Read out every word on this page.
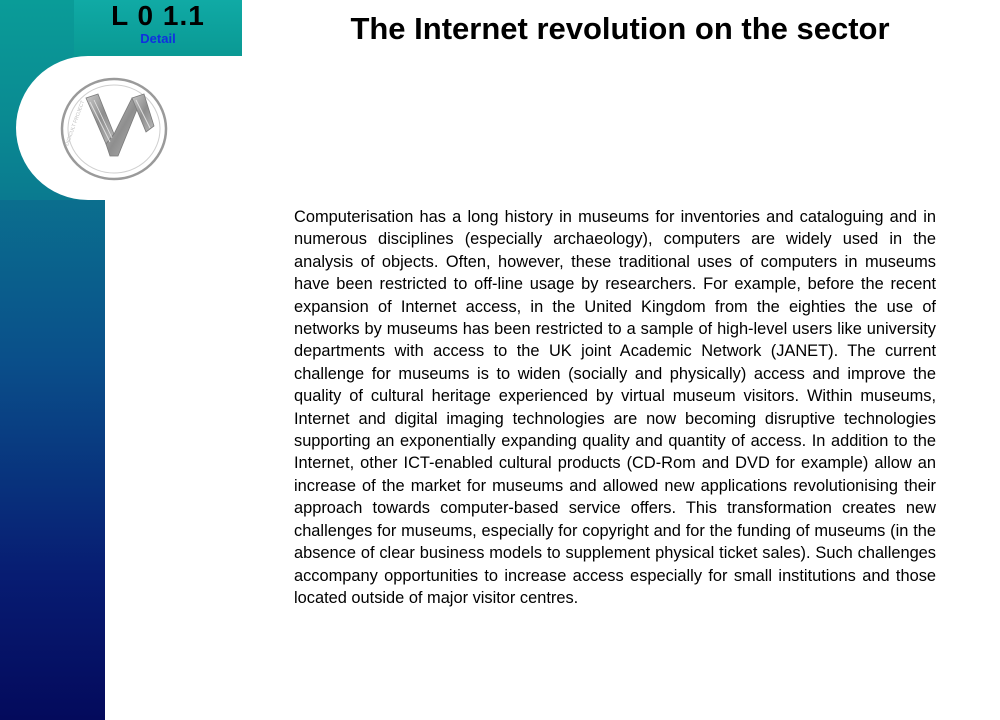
L 0 1.1
Detail
DIGICULT PROJECT
The Internet revolution on the sector

Computerisation has a long history in museums for inventories and cataloguing and in numerous disciplines (especially archaeology), computers are widely used in the analysis of objects. Often, however, these traditional uses of computers in museums have been restricted to off-line usage by researchers. For example, before the recent expansion of Internet access, in the United Kingdom from the eighties the use of networks by museums has been restricted to a sample of high-level users like university departments with access to the UK joint Academic Network (JANET). The current challenge for museums is to widen (socially and physically) access and improve the quality of cultural heritage experienced by virtual museum visitors. Within museums, Internet and digital imaging technologies are now becoming disruptive technologies supporting an exponentially expanding quality and quantity of access. In addition to the Internet, other ICT-enabled cultural products (CD-Rom and DVD for example) allow an increase of the market for museums and allowed new applications revolutionising their approach towards computer-based service offers. This transformation creates new challenges for museums, especially for copyright and for the funding of museums (in the absence of clear business models to supplement physical ticket sales). Such challenges accompany opportunities to increase access especially for small institutions and those located outside of major visitor centres.
